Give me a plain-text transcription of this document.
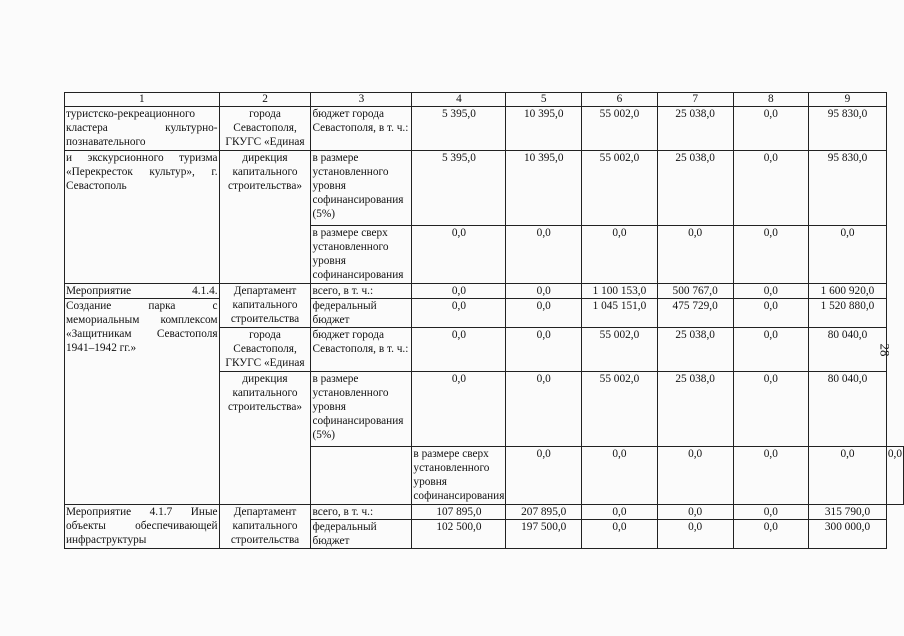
28
1	2	3	4	5	6	7	8	9	
туристско-рекреационного кластера культурно-познавательного	города Севастополя, ГКУГС «Единая	бюджет города Севастополя, в т. ч.:	5 395,0	10 395,0	55 002,0	25 038,0	0,0	95 830,0	
и экскурсионного туризма «Перекресток культур», г. Севастополь	дирекция капитального строительства»	в размере установленного уровня софинансирования (5%)	5 395,0	10 395,0	55 002,0	25 038,0	0,0	95 830,0	
		в размере сверх установленного уровня софинансирования	0,0	0,0	0,0	0,0	0,0	0,0	
Мероприятие 4.1.4.	Департамент капитального строительства	всего, в т. ч.:	0,0	0,0	1 100 153,0	500 767,0	0,0	1 600 920,0	
Создание парка с мемориальным комплексом «Защитникам Севастополя 1941–1942 гг.»		федеральный бюджет	0,0	0,0	1 045 151,0	475 729,0	0,0	1 520 880,0	
	города Севастополя, ГКУГС «Единая	бюджет города Севастополя, в т. ч.:	0,0	0,0	55 002,0	25 038,0	0,0	80 040,0	
	дирекция капитального строительства»	в размере установленного уровня софинансирования (5%)	0,0	0,0	55 002,0	25 038,0	0,0	80 040,0	
			в размере сверх установленного уровня софинансирования	0,0	0,0	0,0	0,0	0,0	0,0
Мероприятие 4.1.7 Иные объекты обеспечивающей инфраструктуры	Департамент капитального строительства	всего, в т. ч.:	107 895,0	207 895,0	0,0	0,0	0,0	315 790,0	
		федеральный бюджет	102 500,0	197 500,0	0,0	0,0	0,0	300 000,0	
